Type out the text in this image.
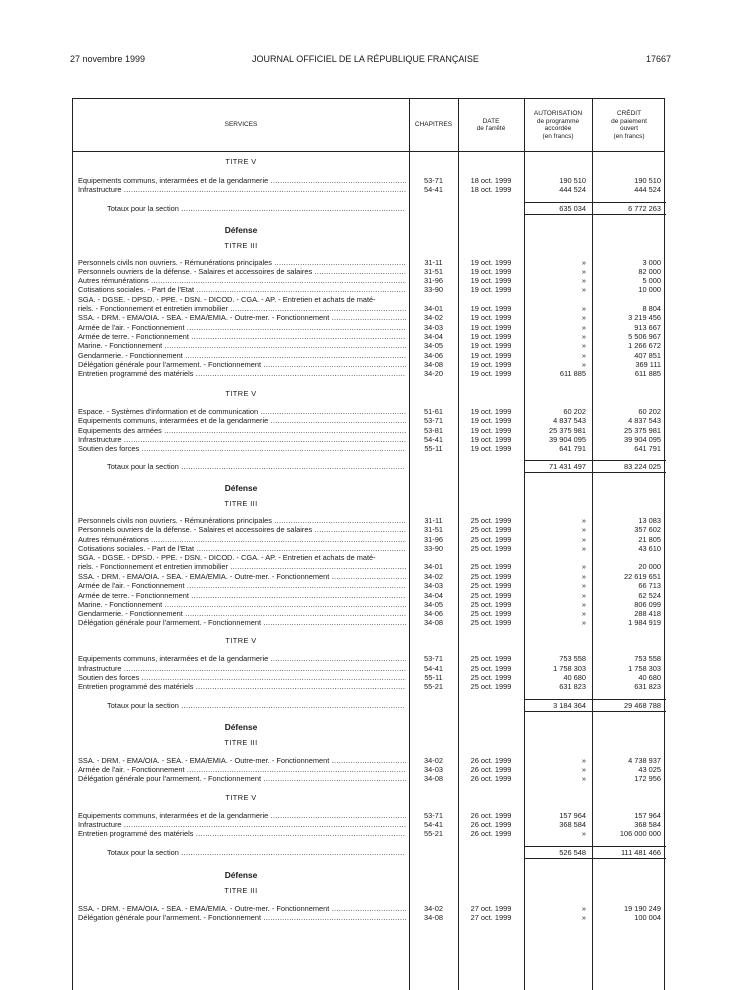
27 novembre 1999	JOURNAL OFFICIEL DE LA RÉPUBLIQUE FRANÇAISE	17667
SERVICES	CHAPITRES
DATE
de l'arrêté
AUTORISATION
de programme
accordée
(en francs)
CRÉDIT
de paiement
ouvert
(en francs)
TITRE V
Equipements communs, interarmées et de la gendarmerie .....	53-71	18 oct. 1999	190 510	190 510
Infrastructure .....	54-41	18 oct. 1999	444 524	444 524
Totaux pour la section .....	635 034	6 772 263
Défense
TITRE III
Personnels civils non ouvriers. - Rémunérations principales .....	31-11	19 oct. 1999	»	3 000
Personnels ouvriers de la défense. - Salaires et accessoires de salaires .....	31-51	19 oct. 1999	»	82 000
Autres rémunérations .....	31-96	19 oct. 1999	»	5 000
Cotisations sociales. - Part de l'Etat .....	33-90	19 oct. 1999	»	10 000
SGA. - DGSE. - DPSD. - PPE. - DSN. - DICOD. - CGA. - AP. - Entretien et achats de maté-
riels. - Fonctionnement et entretien immobilier .....	34-01	19 oct. 1999	»	8 804
SSA. - DRM. - EMA/OIA. - SEA. - EMA/EMIA. - Outre-mer. - Fonctionnement .....	34-02	19 oct. 1999	»	3 219 456
Armée de l'air. - Fonctionnement .....	34-03	19 oct. 1999	»	913 667
Armée de terre. - Fonctionnement .....	34-04	19 oct. 1999	»	5 506 967
Marine. - Fonctionnement .....	34-05	19 oct. 1999	»	1 266 672
Gendarmerie. - Fonctionnement .....	34-06	19 oct. 1999	»	407 851
Délégation générale pour l'armement. - Fonctionnement .....	34-08	19 oct. 1999	»	369 111
Entretien programmé des matériels .....	34-20	19 oct. 1999	611 885	611 885
TITRE V
Espace. - Systèmes d'information et de communication .....	51-61	19 oct. 1999	60 202	60 202
Equipements communs, interarmées et de la gendarmerie .....	53-71	19 oct. 1999	4 837 543	4 837 543
Equipements des armées .....	53-81	19 oct. 1999	25 375 981	25 375 981
Infrastructure .....	54-41	19 oct. 1999	39 904 095	39 904 095
Soutien des forces .....	55-11	19 oct. 1999	641 791	641 791
Totaux pour la section .....	71 431 497	83 224 025
Défense
TITRE III
Personnels civils non ouvriers. - Rémunérations principales .....	31-11	25 oct. 1999	»	13 083
Personnels ouvriers de la défense. - Salaires et accessoires de salaires .....	31-51	25 oct. 1999	»	357 602
Autres rémunérations .....	31-96	25 oct. 1999	»	21 805
Cotisations sociales. - Part de l'Etat .....	33-90	25 oct. 1999	»	43 610
SGA. - DGSE. - DPSD. - PPE. - DSN. - DICOD. - CGA. - AP. - Entretien et achats de maté-
riels. - Fonctionnement et entretien immobilier .....	34-01	25 oct. 1999	»	20 000
SSA. - DRM. - EMA/OIA. - SEA. - EMA/EMIA. - Outre-mer. - Fonctionnement .....	34-02	25 oct. 1999	»	22 619 651
Armée de l'air. - Fonctionnement .....	34-03	25 oct. 1999	»	66 713
Armée de terre. - Fonctionnement .....	34-04	25 oct. 1999	»	62 524
Marine. - Fonctionnement .....	34-05	25 oct. 1999	»	806 099
Gendarmerie. - Fonctionnement .....	34-06	25 oct. 1999	»	288 418
Délégation générale pour l'armement. - Fonctionnement .....	34-08	25 oct. 1999	»	1 984 919
TITRE V
Equipements communs, interarmées et de la gendarmerie .....	53-71	25 oct. 1999	753 558	753 558
Infrastructure .....	54-41	25 oct. 1999	1 758 303	1 758 303
Soutien des forces .....	55-11	25 oct. 1999	40 680	40 680
Entretien programmé des matériels .....	55-21	25 oct. 1999	631 823	631 823
Totaux pour la section .....	3 184 364	29 468 788
Défense
TITRE III
SSA. - DRM. - EMA/OIA. - SEA. - EMA/EMIA. - Outre-mer. - Fonctionnement .....	34-02	26 oct. 1999	»	4 738 937
Armée de l'air. - Fonctionnement .....	34-03	26 oct. 1999	»	43 025
Délégation générale pour l'armement. - Fonctionnement .....	34-08	26 oct. 1999	»	172 956
TITRE V
Equipements communs, interarmées et de la gendarmerie .....	53-71	26 oct. 1999	157 964	157 964
Infrastructure .....	54-41	26 oct. 1999	368 584	368 584
Entretien programmé des matériels .....	55-21	26 oct. 1999	»	106 000 000
Totaux pour la section .....	526 548	111 481 466
Défense
TITRE III
SSA. - DRM. - EMA/OIA. - SEA. - EMA/EMIA. - Outre-mer. - Fonctionnement .....	34-02	27 oct. 1999	»	19 190 249
Délégation générale pour l'armement. - Fonctionnement .....	34-08	27 oct. 1999	»	100 004
